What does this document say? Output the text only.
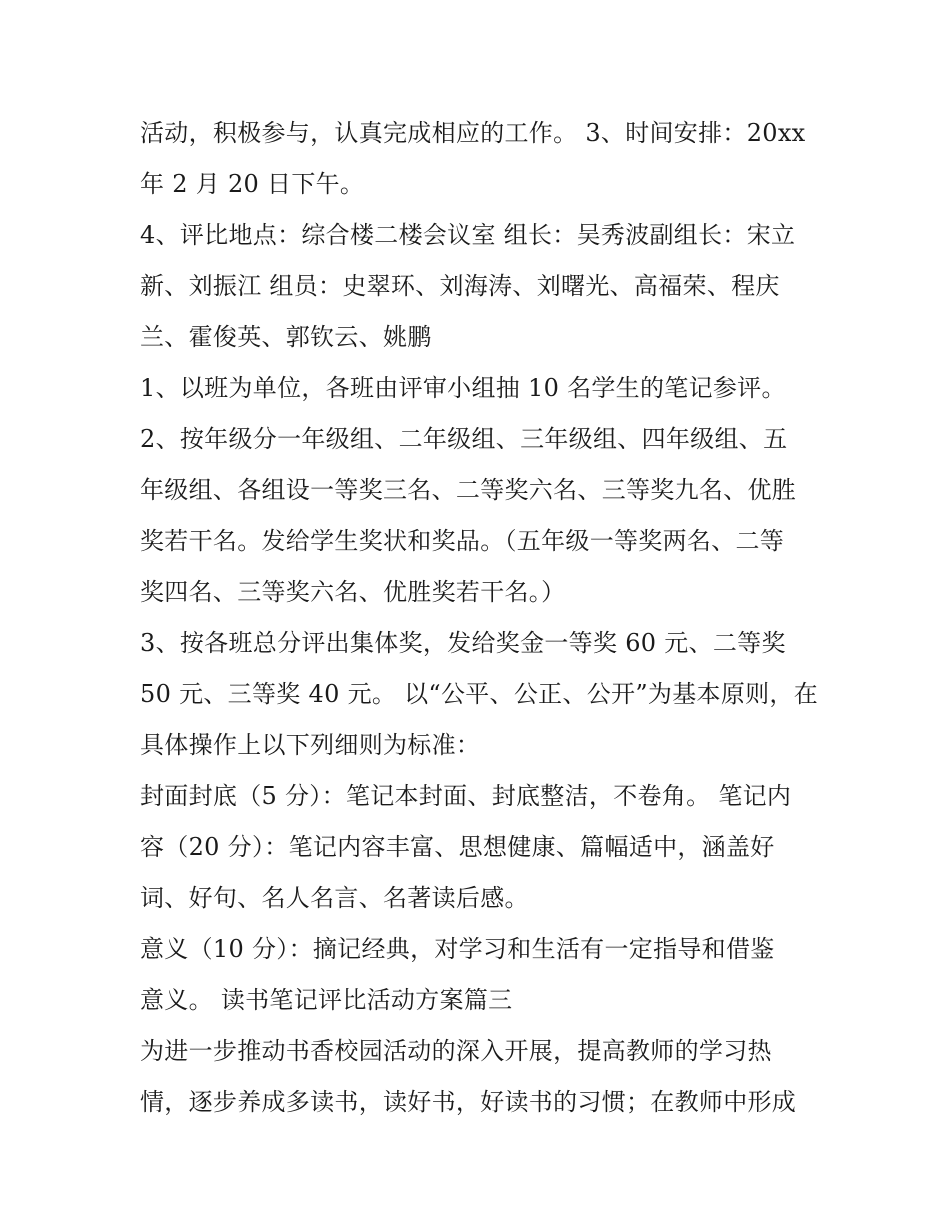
活动，积极参与，认真完成相应的工作。 3、时间安排：20xx
年 2 月 20 日下午。
4、评比地点：综合楼二楼会议室 组长：吴秀波副组长：宋立
新、刘振江 组员：史翠环、刘海涛、刘曙光、高福荣、程庆
兰、霍俊英、郭钦云、姚鹏
1、以班为单位，各班由评审小组抽 10 名学生的笔记参评。
2、按年级分一年级组、二年级组、三年级组、四年级组、五
年级组、各组设一等奖三名、二等奖六名、三等奖九名、优胜
奖若干名。发给学生奖状和奖品。（五年级一等奖两名、二等
奖四名、三等奖六名、优胜奖若干名。）
3、按各班总分评出集体奖，发给奖金一等奖 60 元、二等奖
50 元、三等奖 40 元。 以“公平、公正、公开”为基本原则，在
具体操作上以下列细则为标准：
封面封底（5 分）：笔记本封面、封底整洁，不卷角。 笔记内
容（20 分）：笔记内容丰富、思想健康、篇幅适中，涵盖好
词、好句、名人名言、名著读后感。
意义（10 分）：摘记经典，对学习和生活有一定指导和借鉴
意义。 读书笔记评比活动方案篇三
为进一步推动书香校园活动的深入开展，提高教师的学习热
情，逐步养成多读书，读好书，好读书的习惯；在教师中形成
